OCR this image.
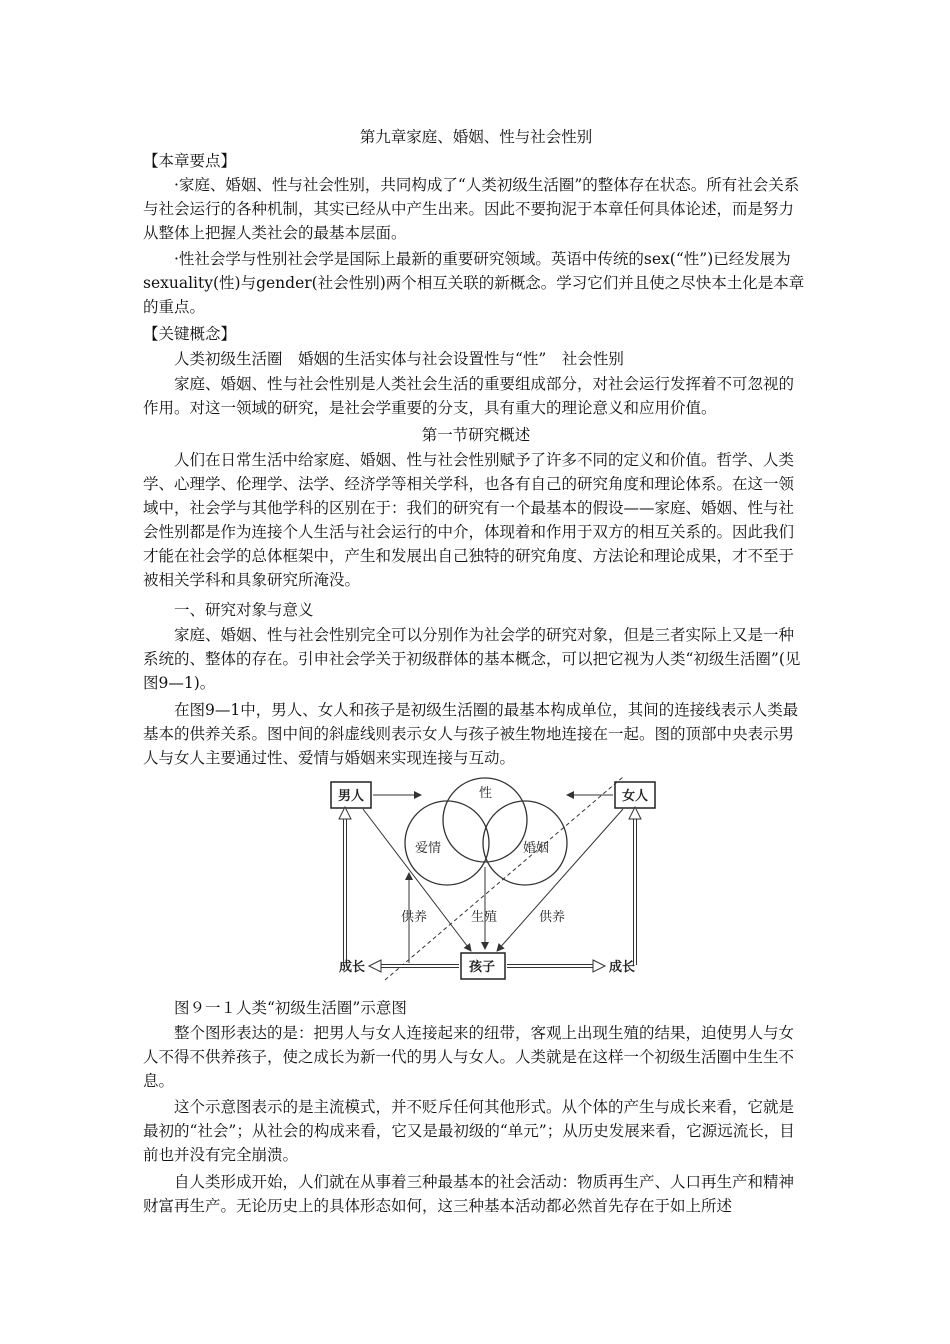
第九章家庭、婚姻、性与社会性别
【本章要点】
·家庭、婚姻、性与社会性别，共同构成了“人类初级生活圈”的整体存在状态。所有社会关系与社会运行的各种机制，其实已经从中产生出来。因此不要拘泥于本章任何具体论述，而是努力从整体上把握人类社会的最基本层面。
·性社会学与性别社会学是国际上最新的重要研究领域。英语中传统的sex(“性”)已经发展为sexuality(性)与gender(社会性别)两个相互关联的新概念。学习它们并且使之尽快本土化是本章的重点。
【关键概念】
人类初级生活圈　婚姻的生活实体与社会设置性与“性”　社会性别
家庭、婚姻、性与社会性别是人类社会生活的重要组成部分，对社会运行发挥着不可忽视的作用。对这一领域的研究，是社会学重要的分支，具有重大的理论意义和应用价值。
第一节研究概述
人们在日常生活中给家庭、婚姻、性与社会性别赋予了许多不同的定义和价值。哲学、人类学、心理学、伦理学、法学、经济学等相关学科，也各有自己的研究角度和理论体系。在这一领域中，社会学与其他学科的区别在于：我们的研究有一个最基本的假设——家庭、婚姻、性与社会性别都是作为连接个人生活与社会运行的中介，体现着和作用于双方的相互关系的。因此我们才能在社会学的总体框架中，产生和发展出自己独特的研究角度、方法论和理论成果，才不至于被相关学科和具象研究所淹没。
一、研究对象与意义
家庭、婚姻、性与社会性别完全可以分别作为社会学的研究对象，但是三者实际上又是一种系统的、整体的存在。引申社会学关于初级群体的基本概念，可以把它视为人类“初级生活圈”(见图9—1)。
在图9—1中，男人、女人和孩子是初级生活圈的最基本构成单位，其间的连接线表示人类最基本的供养关系。图中间的斜虚线则表示女人与孩子被生物地连接在一起。图的顶部中央表示男人与女人主要通过性、爱情与婚姻来实现连接与互动。
男人	女人
孩子
性
爱情	婚姻
供养	生殖	供养
成长	成长
图９一１人类“初级生活圈”示意图
整个图形表达的是：把男人与女人连接起来的纽带，客观上出现生殖的结果，迫使男人与女人不得不供养孩子，使之成长为新一代的男人与女人。人类就是在这样一个初级生活圈中生生不息。
这个示意图表示的是主流模式，并不贬斥任何其他形式。从个体的产生与成长来看，它就是最初的“社会”；从社会的构成来看，它又是最初级的“单元”；从历史发展来看，它源远流长，目前也并没有完全崩溃。
自人类形成开始，人们就在从事着三种最基本的社会活动：物质再生产、人口再生产和精神财富再生产。无论历史上的具体形态如何，这三种基本活动都必然首先存在于如上所述
